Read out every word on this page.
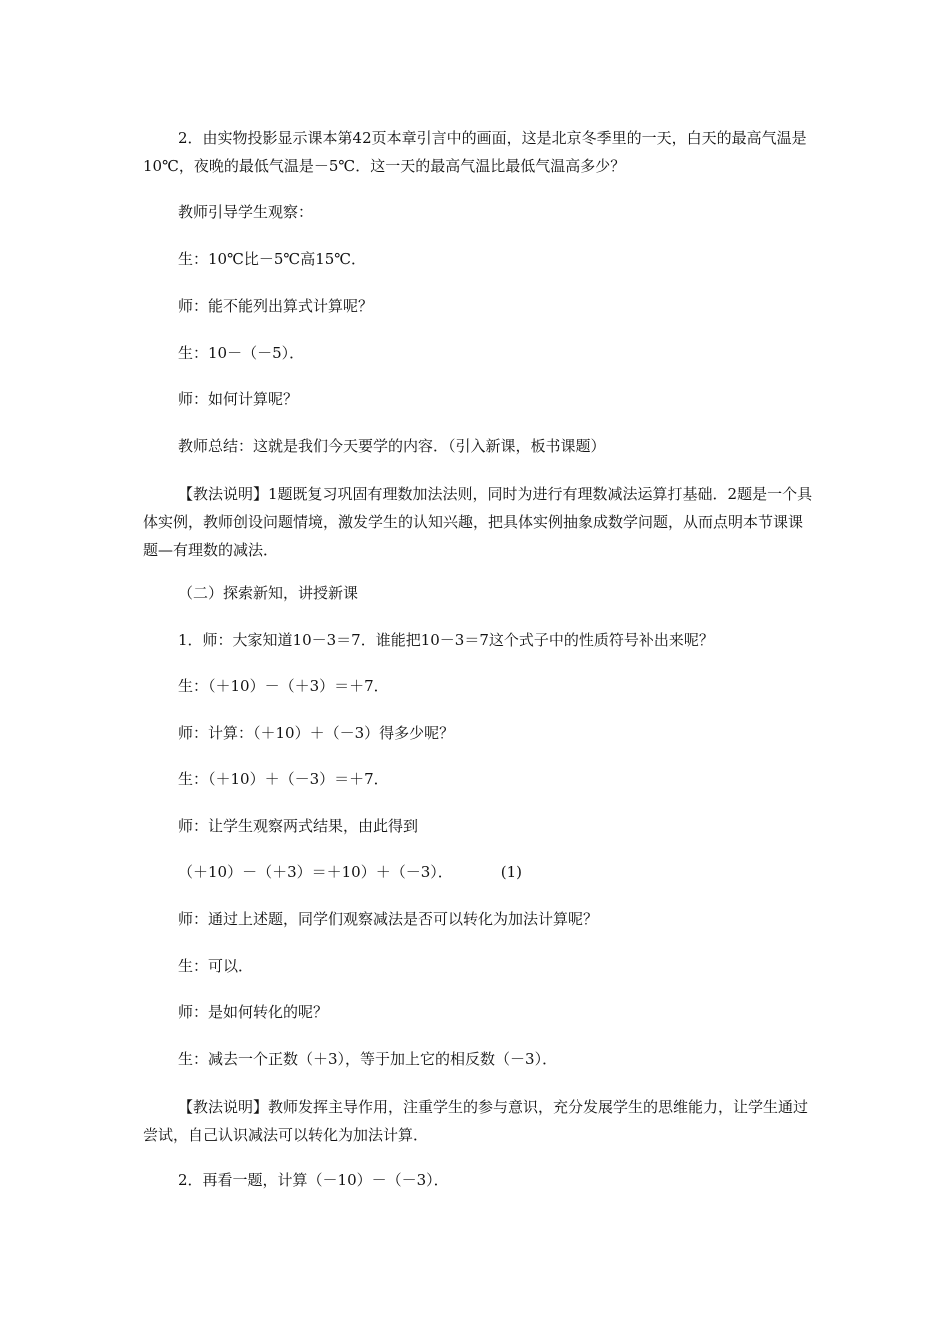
2．由实物投影显示课本第42页本章引言中的画面，这是北京冬季里的一天，白天的最高气温是10℃，夜晚的最低气温是－5℃．这一天的最高气温比最低气温高多少？
教师引导学生观察：
生：10℃比－5℃高15℃．
师：能不能列出算式计算呢？
生：10－（－5）．
师：如何计算呢？
教师总结：这就是我们今天要学的内容．（引入新课，板书课题）
【教法说明】1题既复习巩固有理数加法法则，同时为进行有理数减法运算打基础．2题是一个具体实例，教师创设问题情境，激发学生的认知兴趣，把具体实例抽象成数学问题，从而点明本节课课题—有理数的减法．
（二）探索新知，讲授新课
1．师：大家知道10－3＝7．谁能把10－3＝7这个式子中的性质符号补出来呢？
生：（＋10）－（＋3）＝＋7．
师：计算：（＋10）＋（－3）得多少呢？
生：（＋10）＋（－3）＝＋7．
师：让学生观察两式结果，由此得到
（＋10）－（＋3）＝＋10）＋（－3）．	(1)
师：通过上述题，同学们观察减法是否可以转化为加法计算呢？
生：可以．
师：是如何转化的呢？
生：减去一个正数（＋3），等于加上它的相反数（－3）．
【教法说明】教师发挥主导作用，注重学生的参与意识，充分发展学生的思维能力，让学生通过尝试，自己认识减法可以转化为加法计算．
2．再看一题，计算（－10）－（－3）．
